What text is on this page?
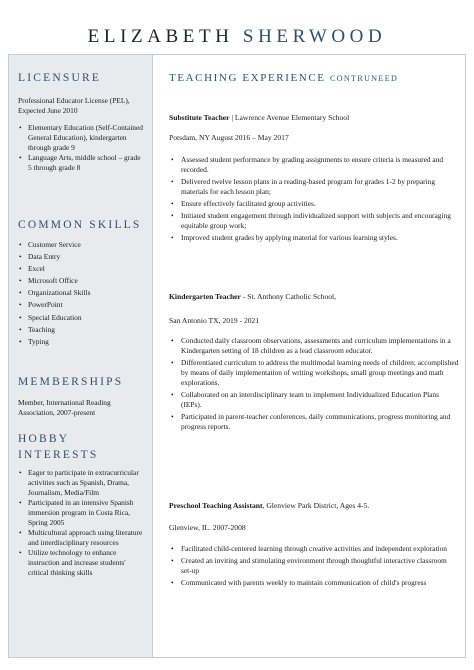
ELIZABETH SHERWOOD
LICENSURE
Professional Educator License (PEL), Expected June 2010
• Elementary Education (Self-Contained General Education), kindergarten through grade 9
• Language Arts, middle school – grade 5 through grade 8
COMMON SKILLS
• Customer Service
• Data Entry
• Excel
• Microsoft Office
• Organizational Skills
• PowerPoint
• Special Education
• Teaching
• Typing
MEMBERSHIPS
Member, International Reading Association, 2007-present
HOBBY
INTERESTS
• Eager to participate in extracurricular activities such as Spanish, Drama, Journalism, Media/Film
• Participated in an intensive Spanish immersion program in Costa Rica, Spring 2005
• Multicultural approach using literature and interdisciplinary resources
• Utilize technology to enhance instruction and increase students' critical thinking skills
TEACHING EXPERIENCE CONTRUNEED
Substitute Teacher | Lawrence Avenue Elementary School
Potsdam, NY August 2016 – May 2017
• Assessed student performance by grading assignments to ensure criteria is measured and recorded.
• Delivered twelve lesson plans in a reading-based program for grades 1-2 by preparing materials for each lesson plan;
• Ensure effectively facilitated group activities.
• Initiated student engagement through individualized support with subjects and encouraging equitable group work;
• Improved student grades by applying material for various learning styles.
Kindergarten Teacher - St. Anthony Catholic School,
San Antonio TX, 2019 - 2021
• Conducted daily classroom observations, assessments and curriculum implementations in a Kindergarten setting of 18 children as a lead classroom educator.
• Differentiated curriculum to address the multimodal learning needs of children; accomplished by means of daily implementation of writing workshops, small group meetings and math explorations.
• Collaborated on an interdisciplinary team to implement Individualized Education Plans (IEPs).
• Participated in parent-teacher conferences, daily communications, progress monitoring and progress reports.
Preschool Teaching Assistant, Glenview Park District, Ages 4-5.
Glenview, IL. 2007-2008
• Facilitated child-centered learning through creative activities and independent exploration
• Created an inviting and stimulating environment through thoughtful interactive classroom set-up
• Communicated with parents weekly to maintain communication of child's progress
